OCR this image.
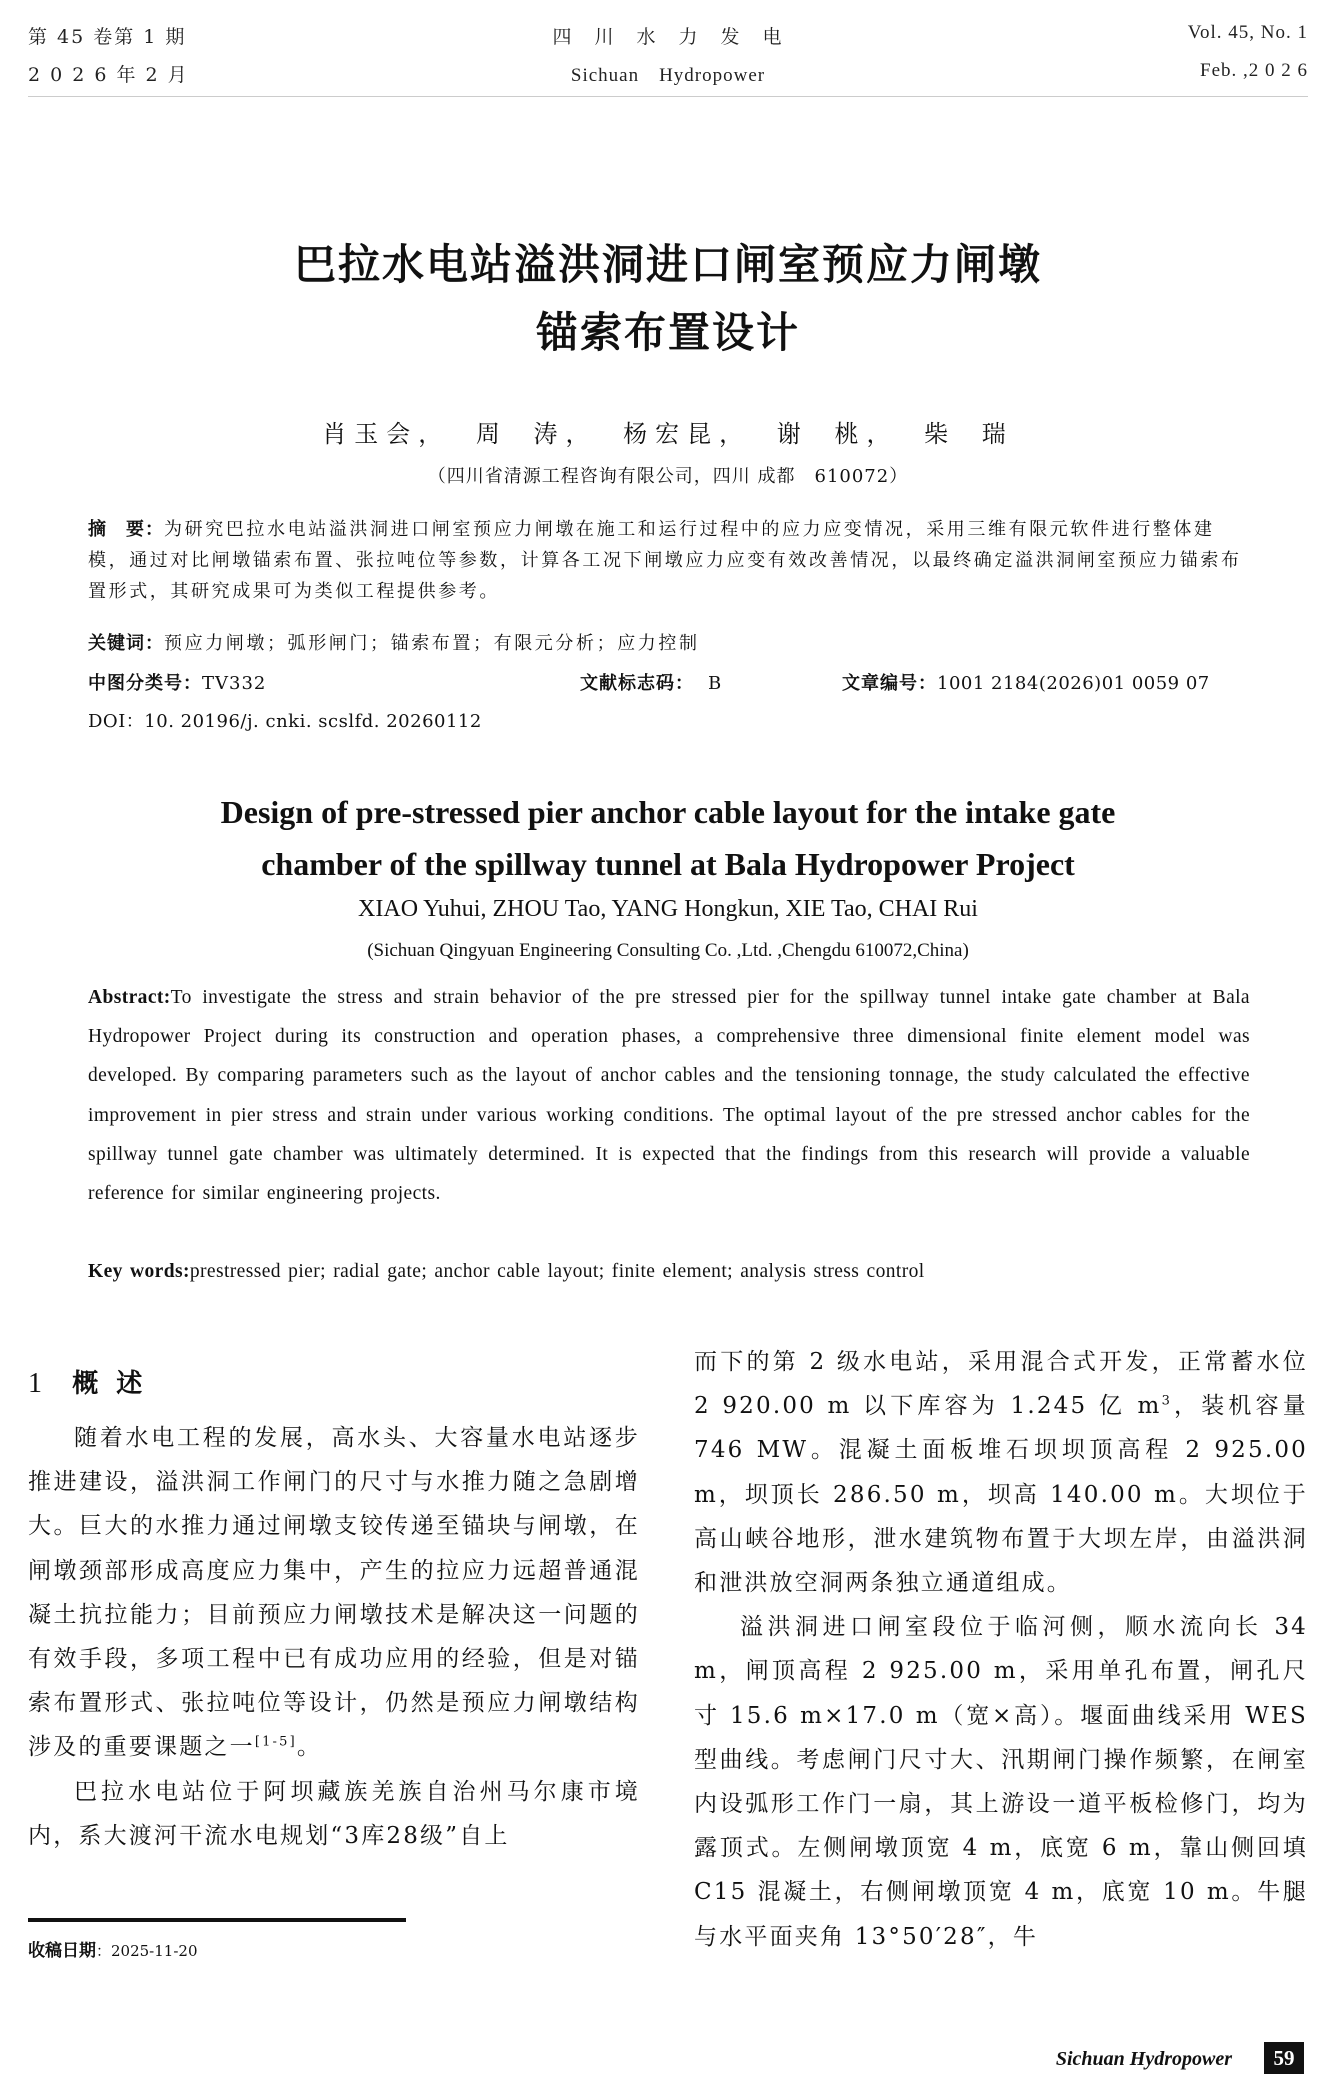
第 45 卷第 1 期
2 0 2 6 年 2 月
四　川　水　力　发　电
Sichuan　Hydropower
Vol. 45, No. 1
Feb. ,2 0 2 6
巴拉水电站溢洪洞进口闸室预应力闸墩
锚索布置设计
肖玉会， 周 涛， 杨宏昆， 谢 桃， 柴 瑞
（四川省清源工程咨询有限公司，四川 成都　610072）
摘　要：为研究巴拉水电站溢洪洞进口闸室预应力闸墩在施工和运行过程中的应力应变情况，采用三维有限元软件进行整体建模，通过对比闸墩锚索布置、张拉吨位等参数，计算各工况下闸墩应力应变有效改善情况，以最终确定溢洪洞闸室预应力锚索布置形式，其研究成果可为类似工程提供参考。
关键词：预应力闸墩；弧形闸门；锚索布置；有限元分析；应力控制
中图分类号：TV332	文献标志码： B	文章编号：1001 2184(2026)01 0059 07
DOI：10. 20196/j. cnki. scslfd. 20260112
Design of pre-stressed pier anchor cable layout for the intake gate
chamber of the spillway tunnel at Bala Hydropower Project
XIAO Yuhui, ZHOU Tao, YANG Hongkun, XIE Tao, CHAI Rui
(Sichuan Qingyuan Engineering Consulting Co. ,Ltd. ,Chengdu 610072,China)
Abstract:To investigate the stress and strain behavior of the pre stressed pier for the spillway tunnel intake gate chamber at Bala Hydropower Project during its construction and operation phases, a comprehensive three dimensional finite element model was developed. By comparing parameters such as the layout of anchor cables and the tensioning tonnage, the study calculated the effective improvement in pier stress and strain under various working conditions. The optimal layout of the pre stressed anchor cables for the spillway tunnel gate chamber was ultimately determined. It is expected that the findings from this research will provide a valuable reference for similar engineering projects.
Key words:prestressed pier; radial gate; anchor cable layout; finite element; analysis stress control

1 概述

随着水电工程的发展，高水头、大容量水电站逐步推进建设，溢洪洞工作闸门的尺寸与水推力随之急剧增大。巨大的水推力通过闸墩支铰传递至锚块与闸墩，在闸墩颈部形成高度应力集中，产生的拉应力远超普通混凝土抗拉能力；目前预应力闸墩技术是解决这一问题的有效手段，多项工程中已有成功应用的经验，但是对锚索布置形式、张拉吨位等设计，仍然是预应力闸墩结构涉及的重要课题之一[1-5]。

巴拉水电站位于阿坝藏族羌族自治州马尔康市境内，系大渡河干流水电规划“3库28级”自上

而下的第 2 级水电站，采用混合式开发，正常蓄水位 2 920.00 m 以下库容为 1.245 亿 $m^3$，装机容量 746 MW。混凝土面板堆石坝坝顶高程 2 925.00 m，坝顶长 286.50 m，坝高 140.00 m。大坝位于高山峡谷地形，泄水建筑物布置于大坝左岸，由溢洪洞和泄洪放空洞两条独立通道组成。

溢洪洞进口闸室段位于临河侧，顺水流向长 34 m，闸顶高程 2 925.00 m，采用单孔布置，闸孔尺寸 15.6 m×17.0 m（宽×高）。堰面曲线采用 WES 型曲线。考虑闸门尺寸大、汛期闸门操作频繁，在闸室内设弧形工作门一扇，其上游设一道平板检修门，均为露顶式。左侧闸墩顶宽 4 m，底宽 6 m，靠山侧回填 C15 混凝土，右侧闸墩顶宽 4 m，底宽 10 m。牛腿与水平面夹角 13°50′28″，牛

收稿日期：2025-11-20
Sichuan Hydropower	59
